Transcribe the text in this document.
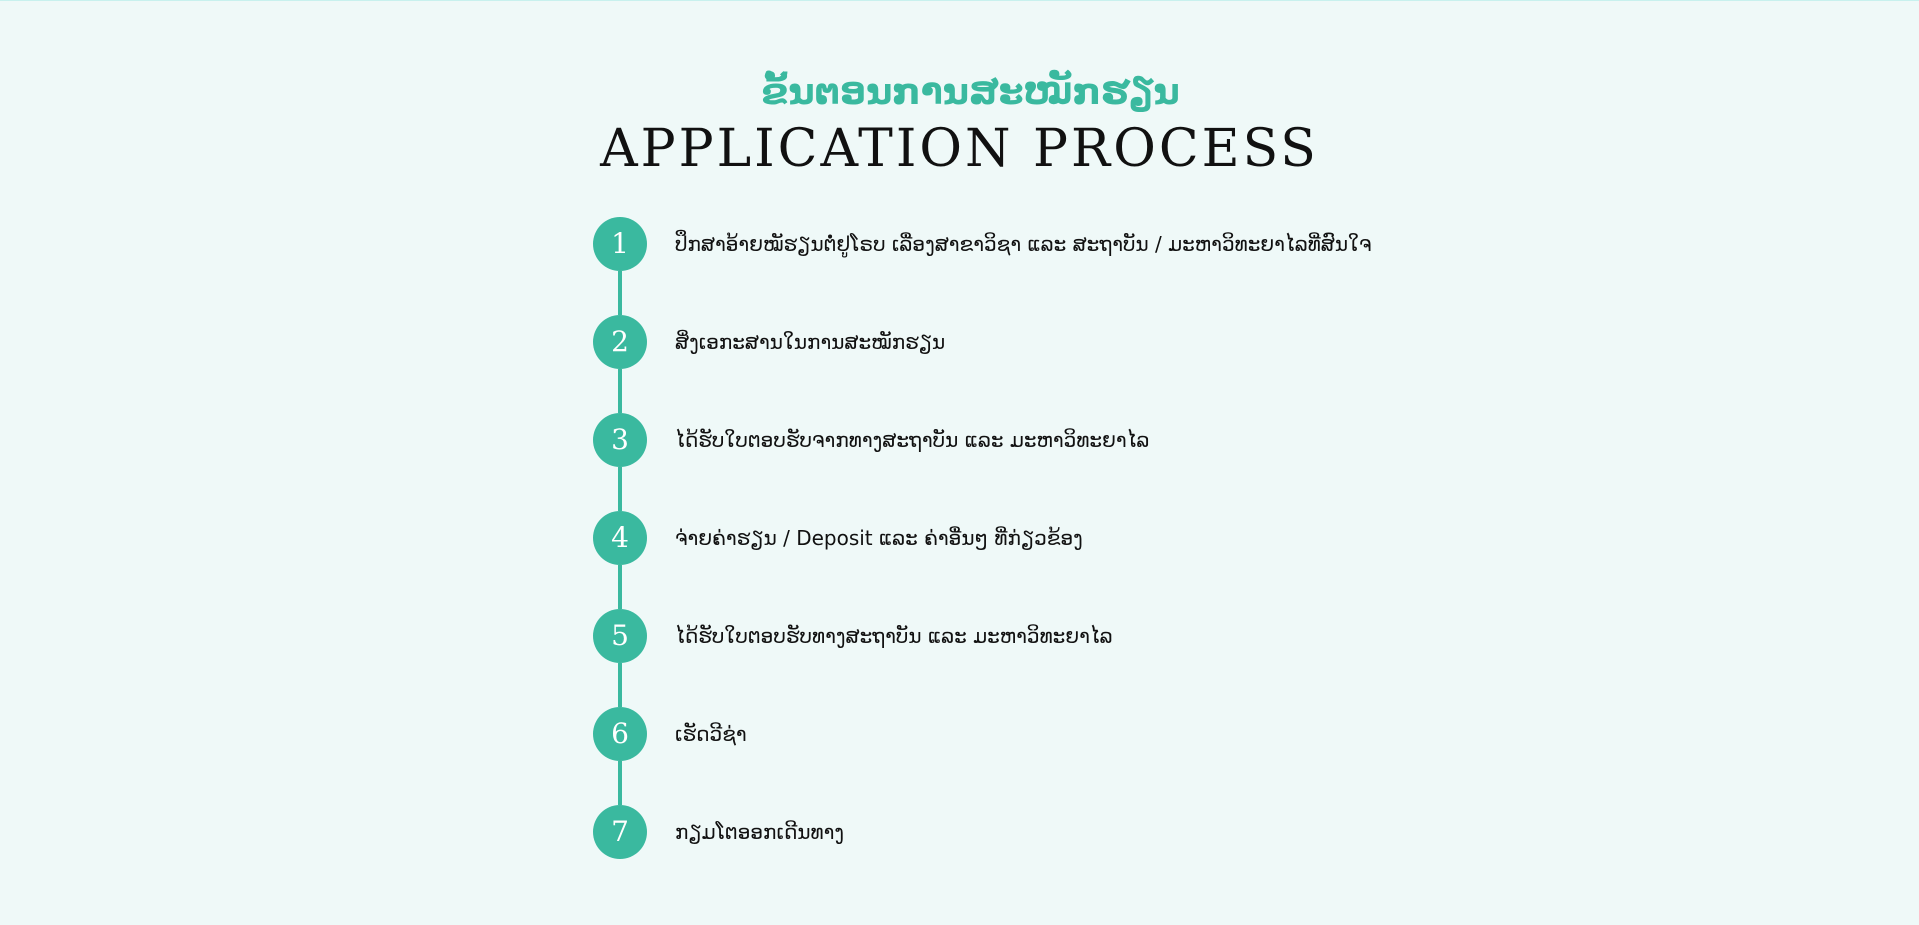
ຂັ້ນຕອນການສະໝັກຮຽນ
APPLICATION PROCESS
1	ປຶກສາອ້າຍໝັຮຽນຕໍ່ຢູໂຣບ ເລື່ອງສາຂາວິຊາ ແລະ ສະຖາບັນ / ມະຫາວິທະຍາໄລທີ່ສົນໃຈ
2	ສິ່ງເອກະສານໃນການສະໝັກຮຽນ
3	ໄດ້ຮັບໃບຕອບຮັບຈາກທາງສະຖາບັນ ແລະ ມະຫາວິທະຍາໄລ
4	ຈ່າຍຄ່າຮຽນ / Deposit ແລະ ຄ່າອື່ນໆ ທີ່ກ່ຽວຂ້ອງ
5	ໄດ້ຮັບໃບຕອບຮັບທາງສະຖາບັນ ແລະ ມະຫາວິທະຍາໄລ
6	ເຮັດວີຊ່າ
7	ກຽມໂຕອອກເດີນທາງ
